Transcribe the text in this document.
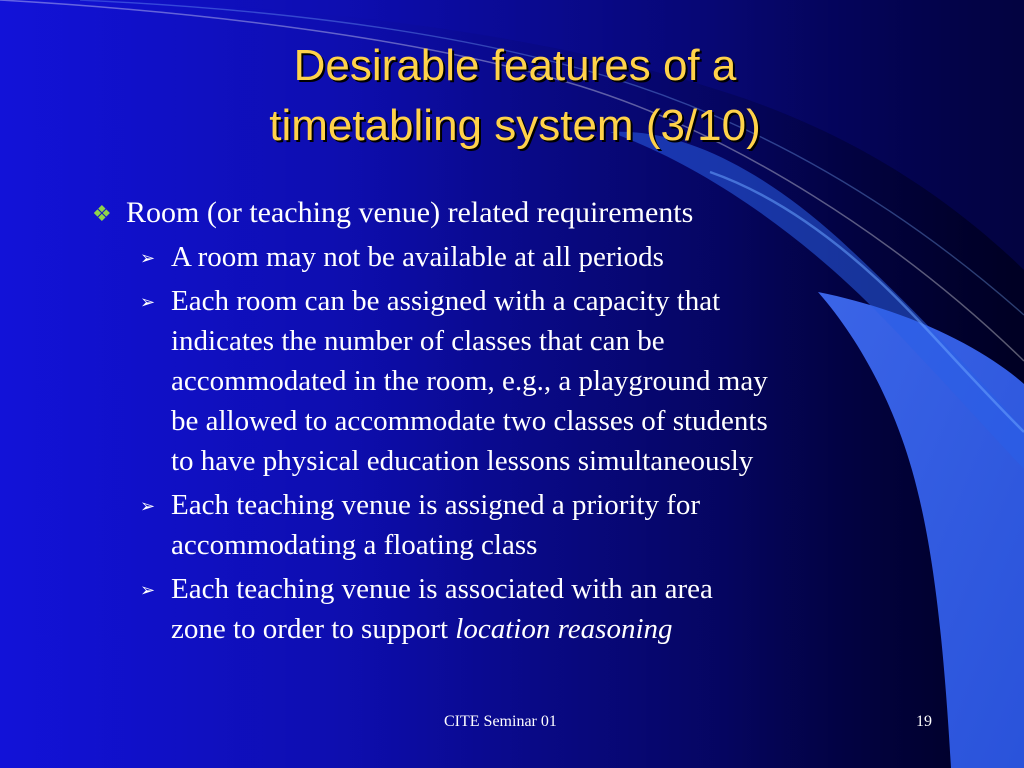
Desirable features of a
timetabling system (3/10)
❖ Room (or teaching venue) related requirements
➢ A room may not be available at all periods
➢ Each room can be assigned with a capacity that
indicates the number of classes that can be
accommodated in the room, e.g., a playground may
be allowed to accommodate two classes of students
to have physical education lessons simultaneously
➢ Each teaching venue is assigned a priority for
accommodating a floating class
➢ Each teaching venue is associated with an area
zone to order to support location reasoning
CITE Seminar 01	19
